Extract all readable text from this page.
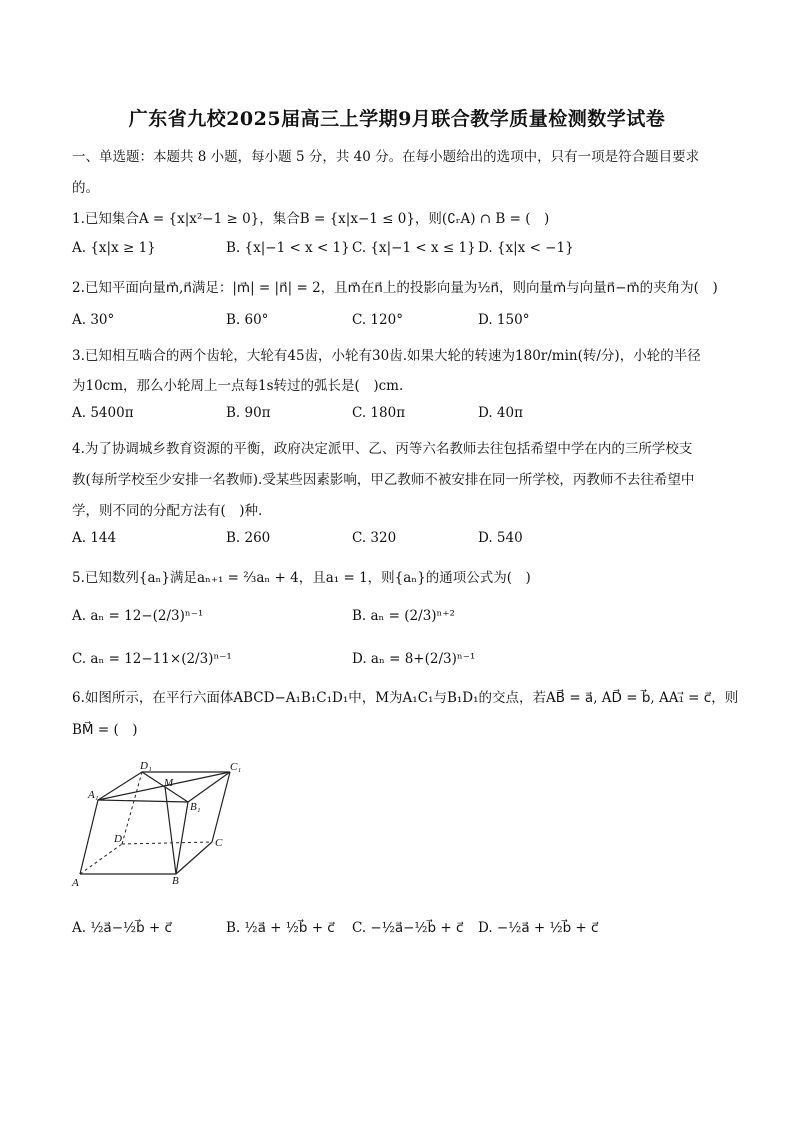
广东省九校2025届高三上学期9月联合教学质量检测数学试卷
一、单选题：本题共 8 小题，每小题 5 分，共 40 分。在每小题给出的选项中，只有一项是符合题目要求
的。
1.已知集合A = {x|x²−1 ≥ 0}，集合B = {x|x−1 ≤ 0}，则(∁ᵣA) ∩ B = (　)
A. {x|x ≥ 1}	B. {x|−1 < x < 1} C. {x|−1 < x ≤ 1} D. {x|x < −1}
2.已知平面向量m⃗,n⃗满足：|m⃗| = |n⃗| = 2，且m⃗在n⃗上的投影向量为½n⃗，则向量m⃗与向量n⃗−m⃗的夹角为(　)
A. 30°	B. 60°	C. 120°	D. 150°
3.已知相互啮合的两个齿轮，大轮有45齿，小轮有30齿.如果大轮的转速为180r/min(转/分)，小轮的半径
为10cm，那么小轮周上一点每1s转过的弧长是(　)cm.
A. 5400π	B. 90π	C. 180π	D. 40π
4.为了协调城乡教育资源的平衡，政府决定派甲、乙、丙等六名教师去往包括希望中学在内的三所学校支
教(每所学校至少安排一名教师).受某些因素影响，甲乙教师不被安排在同一所学校，丙教师不去往希望中
学，则不同的分配方法有(　)种.
A. 144	B. 260	C. 320	D. 540
5.已知数列{aₙ}满足aₙ₊₁ = ⅔aₙ + 4，且a₁ = 1，则{aₙ}的通项公式为(　)
A. aₙ = 12−(2/3)ⁿ⁻¹	B. aₙ = (2/3)ⁿ⁺²
C. aₙ = 12−11×(2/3)ⁿ⁻¹	D. aₙ = 8+(2/3)ⁿ⁻¹
6.如图所示，在平行六面体ABCD−A₁B₁C₁D₁中，M为A₁C₁与B₁D₁的交点，若AB⃗ = a⃗, AD⃗ = b⃗, AA₁⃗ = c⃗，则
BM⃗ = (　)
D₁	C₁
M
A₁
B₁
D	C
A	B
A. ½a⃗−½b⃗ + c⃗	B. ½a⃗ + ½b⃗ + c⃗ C. −½a⃗−½b⃗ + c⃗ D. −½a⃗ + ½b⃗ + c⃗
